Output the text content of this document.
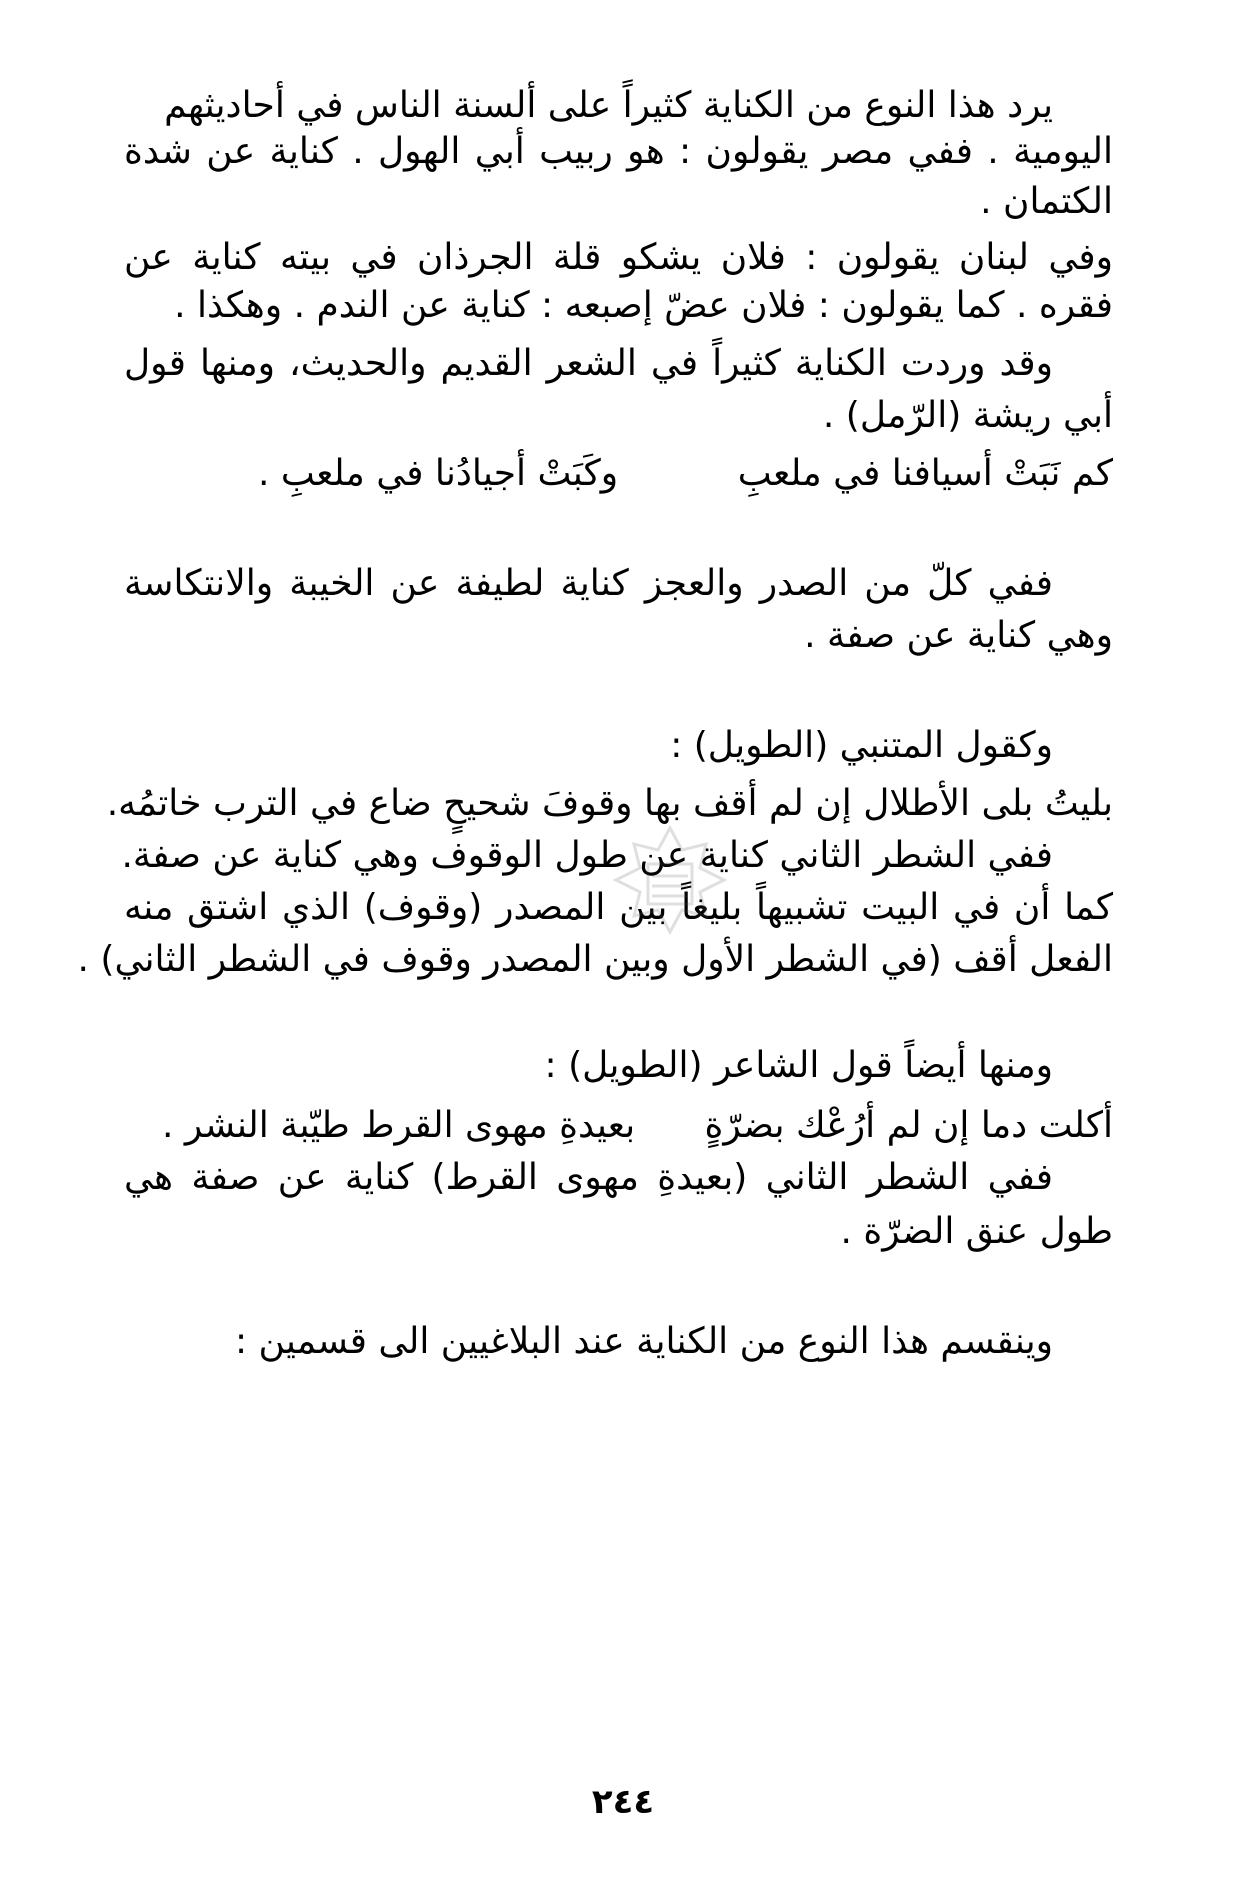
يرد هذا النوع من الكناية كثيراً على ألسنة الناس في أحاديثهم
اليومية . ففي مصر يقولون : هو ربيب أبي الهول . كناية عن شدة
الكتمان .
وفي لبنان يقولون : فلان يشكو قلة الجرذان في بيته كناية عن
فقره . كما يقولون : فلان عضّ إصبعه : كناية عن الندم . وهكذا .
وقد وردت الكناية كثيراً في الشعر القديم والحديث، ومنها قول
أبي ريشة (الرّمل) .
كم نَبَتْ أسيافنا في ملعبِ
وكَبَتْ أجيادُنا في ملعبِ .
ففي كلّ من الصدر والعجز كناية لطيفة عن الخيبة والانتكاسة
وهي كناية عن صفة .
وكقول المتنبي (الطويل) :
بليتُ بلى الأطلال إن لم أقف بها وقوفَ شحيحٍ ضاع في الترب خاتمُه.
ففي الشطر الثاني كناية عن طول الوقوف وهي كناية عن صفة.
كما أن في البيت تشبيهاً بليغاً بين المصدر (وقوف) الذي اشتق منه
الفعل أقف (في الشطر الأول وبين المصدر وقوف في الشطر الثاني) .
ومنها أيضاً قول الشاعر (الطويل) :
أكلت دما إن لم أرُعْك بضرّةٍ
بعيدةِ مهوى القرط طيّبة النشر .
ففي الشطر الثاني (بعيدةِ مهوى القرط) كناية عن صفة هي
طول عنق الضرّة .
وينقسم هذا النوع من الكناية عند البلاغيين الى قسمين :
٢٤٤
